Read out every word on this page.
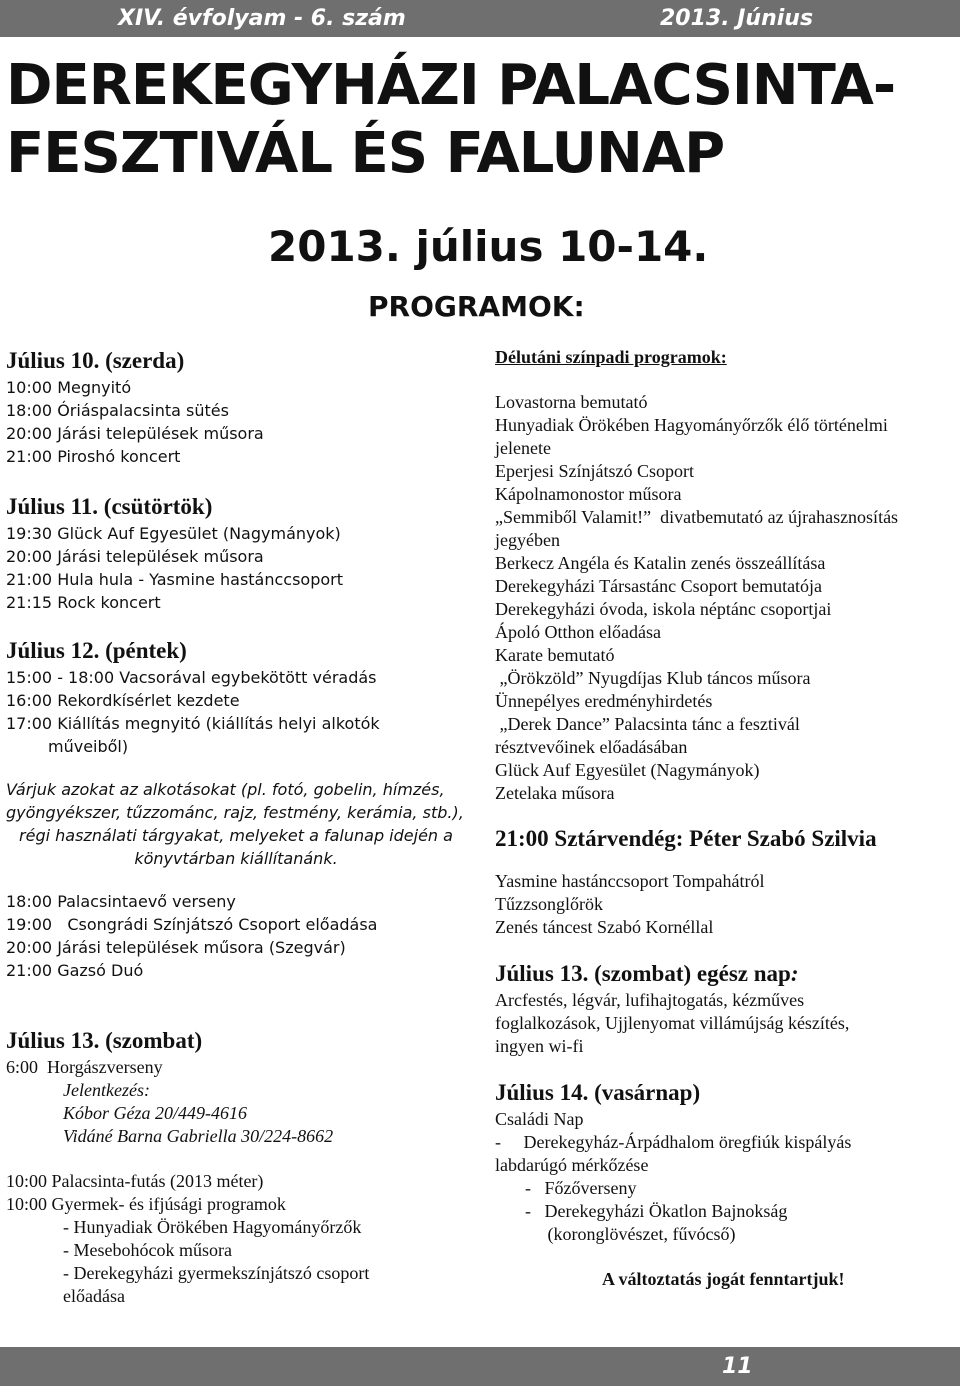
XIV. évfolyam - 6. szám	2013. Június
DEREKEGYHÁZI PALACSINTA-
FESZTIVÁL ÉS FALUNAP
2013. július 10-14.
PROGRAMOK:
Július 10. (szerda)
10:00 Megnyitó
18:00 Óriáspalacsinta sütés
20:00 Járási települések műsora
21:00 Piroshó koncert
Július 11. (csütörtök)
19:30 Glück Auf Egyesület (Nagymányok)
20:00 Járási települések műsora
21:00 Hula hula - Yasmine hastánccsoport
21:15 Rock koncert
Július 12. (péntek)
15:00 - 18:00 Vacsorával egybekötött véradás
16:00 Rekordkísérlet kezdete
17:00 Kiállítás megnyitó (kiállítás helyi alkotók
műveiből)
Várjuk azokat az alkotásokat (pl. fotó, gobelin, hímzés,
gyöngyékszer, tűzzománc, rajz, festmény, kerámia, stb.),
régi használati tárgyakat, melyeket a falunap idején a
könyvtárban kiállítanánk.
18:00 Palacsintaevő verseny
19:00   Csongrádi Színjátszó Csoport előadása
20:00 Járási települések műsora (Szegvár)
21:00 Gazsó Duó
Július 13. (szombat)
6:00  Horgászverseny
Jelentkezés:
Kóbor Géza 20/449-4616
Vidáné Barna Gabriella 30/224-8662
10:00 Palacsinta-futás (2013 méter)
10:00 Gyermek- és ifjúsági programok
- Hunyadiak Örökében Hagyományőrzők
- Mesebohócok műsora
- Derekegyházi gyermekszínjátszó csoport
előadása
Délutáni színpadi programok:
Lovastorna bemutató
Hunyadiak Örökében Hagyományőrzők élő történelmi
jelenete
Eperjesi Színjátszó Csoport
Kápolnamonostor műsora
„Semmiből Valamit!”  divatbemutató az újrahasznosítás
jegyében
Berkecz Angéla és Katalin zenés összeállítása
Derekegyházi Társastánc Csoport bemutatója
Derekegyházi óvoda, iskola néptánc csoportjai
Ápoló Otthon előadása
Karate bemutató
„Örökzöld” Nyugdíjas Klub táncos műsora
Ünnepélyes eredményhirdetés
„Derek Dance” Palacsinta tánc a fesztivál
résztvevőinek előadásában
Glück Auf Egyesület (Nagymányok)
Zetelaka műsora
21:00 Sztárvendég: Péter Szabó Szilvia
Yasmine hastánccsoport Tompahátról
Tűzzsonglőrök
Zenés táncest Szabó Kornéllal
Július 13. (szombat) egész nap:
Arcfestés, légvár, lufihajtogatás, kézműves
foglalkozások, Ujjlenyomat villámújság készítés,
ingyen wi-fi
Július 14. (vasárnap)
Családi Nap
-     Derekegyház-Árpádhalom öregfiúk kispályás
labdarúgó mérkőzése
-   Főzőverseny
-   Derekegyházi Ökatlon Bajnokság
(koronglövészet, fűvócső)
A változtatás jogát fenntartjuk!
11
